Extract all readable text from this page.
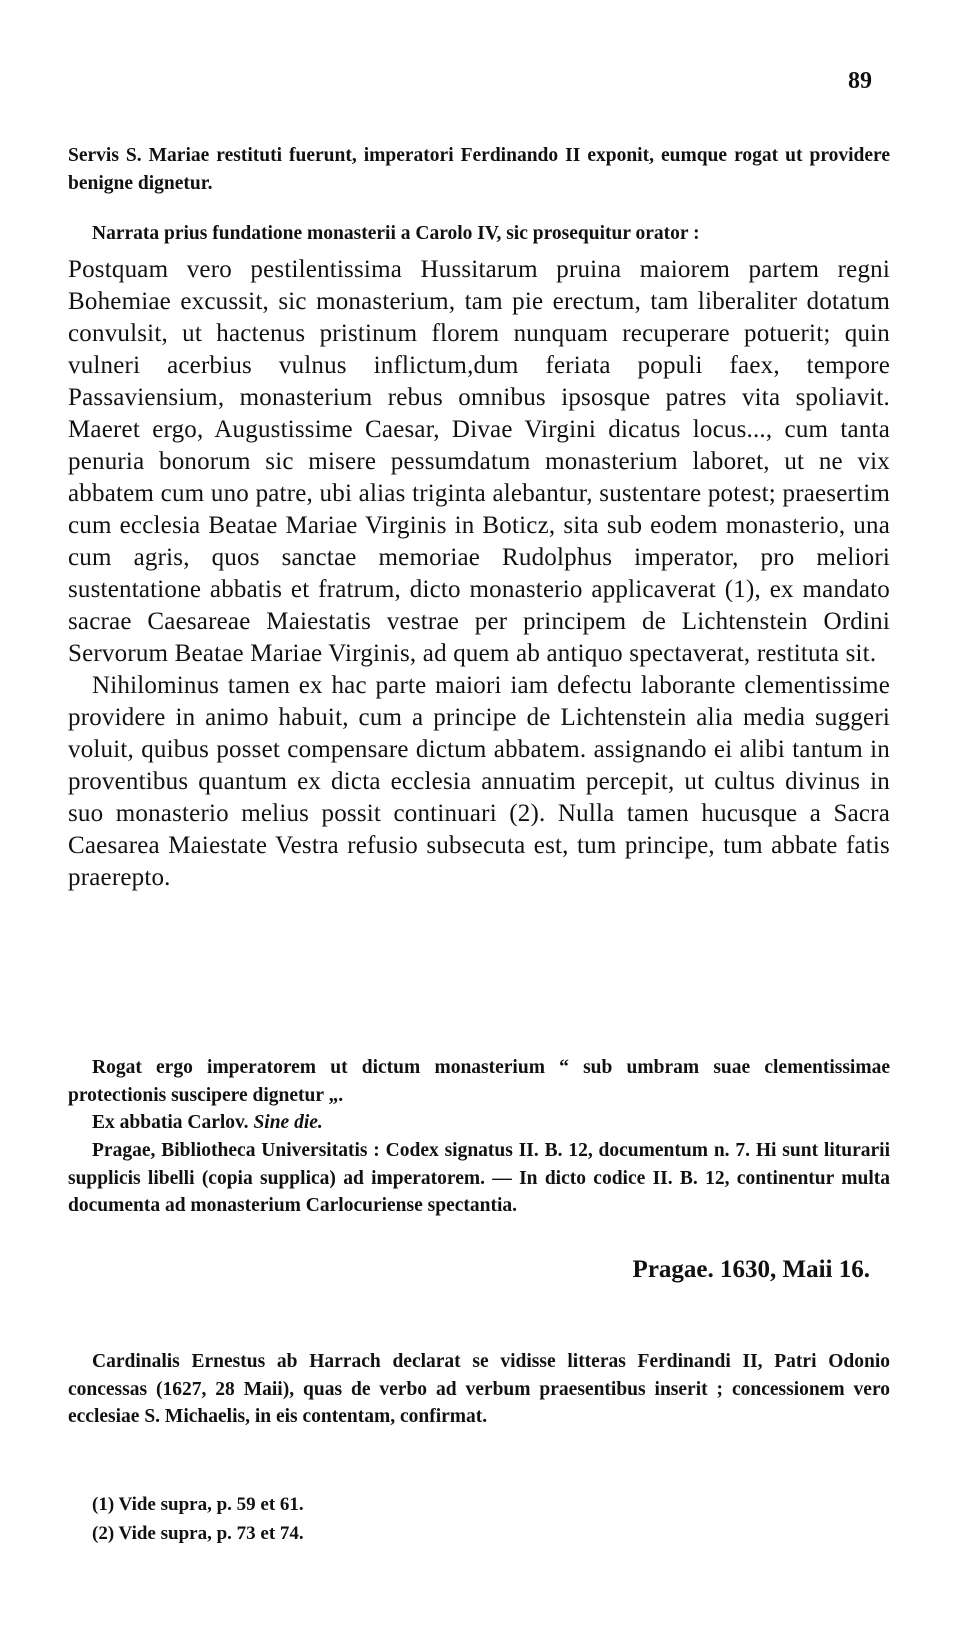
89

Servis S. Mariae restituti fuerunt, imperatori Ferdinando II exponit, eumque rogat ut providere benigne dignetur.

Narrata prius fundatione monasterii a Carolo IV, sic prosequitur orator :

Postquam vero pestilentissima Hussitarum pruina maiorem partem regni Bohemiae excussit, sic monasterium, tam pie erectum, tam liberaliter dotatum convulsit, ut hactenus pristinum florem nunquam recuperare potuerit; quin vulneri acerbius vulnus inflictum,dum feriata populi faex, tempore Passaviensium, monasterium rebus omnibus ipsosque patres vita spoliavit. Maeret ergo, Augustissime Caesar, Divae Virgini dicatus locus..., cum tanta penuria bonorum sic misere pessumdatum monasterium laboret, ut ne vix abbatem cum uno patre, ubi alias triginta alebantur, sustentare potest; praesertim cum ecclesia Beatae Mariae Virginis in Boticz, sita sub eodem monasterio, una cum agris, quos sanctae memoriae Rudolphus imperator, pro meliori sustentatione abbatis et fratrum, dicto monasterio applicaverat (1), ex mandato sacrae Caesareae Maiestatis vestrae per principem de Lichtenstein Ordini Servorum Beatae Mariae Virginis, ad quem ab antiquo spectaverat, restituta sit.

Nihilominus tamen ex hac parte maiori iam defectu laborante clementissime providere in animo habuit, cum a principe de Lichtenstein alia media suggeri voluit, quibus posset compensare dictum abbatem. assignando ei alibi tantum in proventibus quantum ex dicta ecclesia annuatim percepit, ut cultus divinus in suo monasterio melius possit continuari (2). Nulla tamen hucusque a Sacra Caesarea Maiestate Vestra refusio subsecuta est, tum principe, tum abbate fatis praerepto.

Rogat ergo imperatorem ut dictum monasterium “ sub umbram suae clementissimae protectionis suscipere dignetur „.

Ex abbatia Carlov. Sine die.

Pragae, Bibliotheca Universitatis : Codex signatus II. B. 12, documentum n. 7. Hi sunt liturarii supplicis libelli (copia supplica) ad imperatorem. — In dicto codice II. B. 12, continentur multa documenta ad monasterium Carlocuriense spectantia.

Pragae. 1630, Maii 16.

Cardinalis Ernestus ab Harrach declarat se vidisse litteras Ferdinandi II, Patri Odonio concessas (1627, 28 Maii), quas de verbo ad verbum praesentibus inserit ; concessionem vero ecclesiae S. Michaelis, in eis contentam, confirmat.

(1) Vide supra, p. 59 et 61.

(2) Vide supra, p. 73 et 74.
